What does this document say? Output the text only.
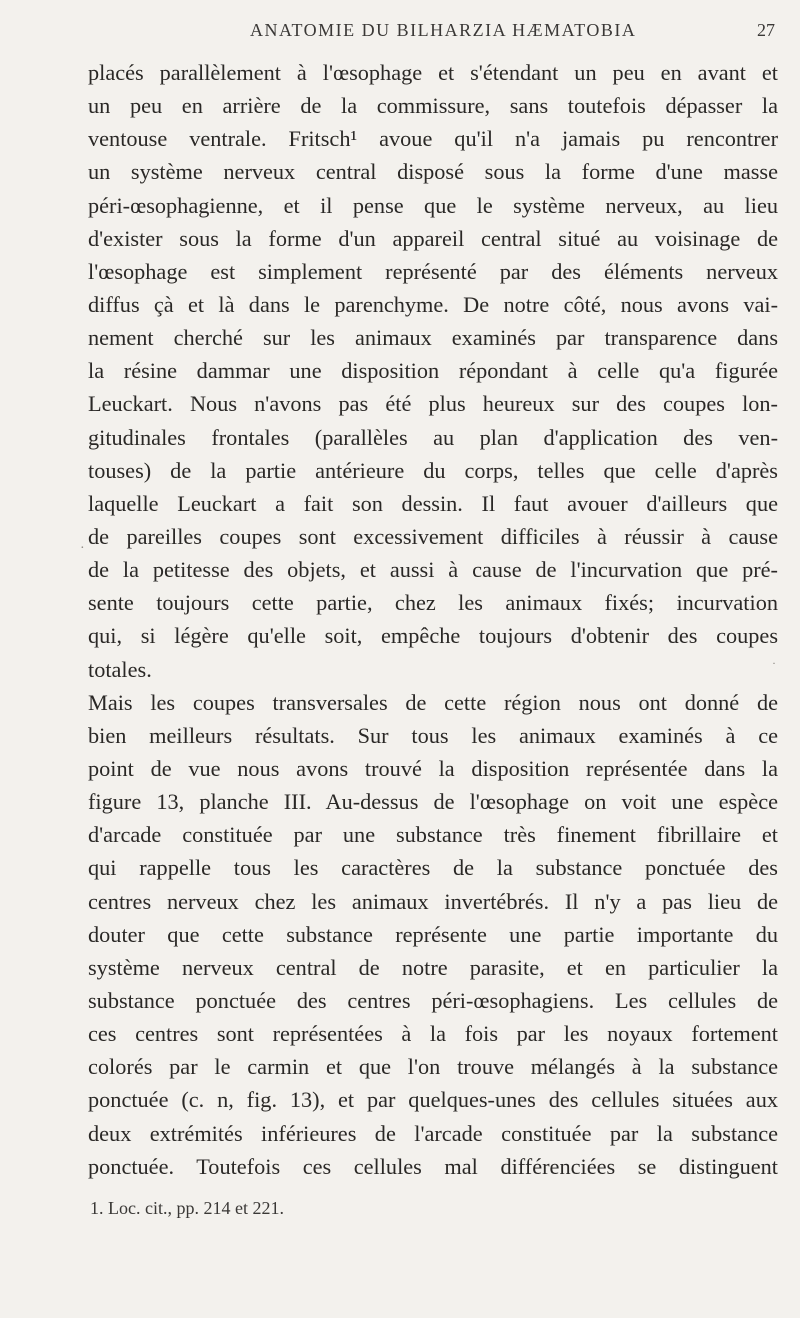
ANATOMIE DU BILHARZIA HÆMATOBIA	27
·
·
placés parallèlement à l'œsophage et s'étendant un peu en avant et
un peu en arrière de la commissure, sans toutefois dépasser la
ventouse ventrale. Fritsch¹ avoue qu'il n'a jamais pu rencontrer
un système nerveux central disposé sous la forme d'une masse
péri-œsophagienne, et il pense que le système nerveux, au lieu
d'exister sous la forme d'un appareil central situé au voisinage de
l'œsophage est simplement représenté par des éléments nerveux
diffus çà et là dans le parenchyme. De notre côté, nous avons vai-
nement cherché sur les animaux examinés par transparence dans
la résine dammar une disposition répondant à celle qu'a figurée
Leuckart. Nous n'avons pas été plus heureux sur des coupes lon-
gitudinales frontales (parallèles au plan d'application des ven-
touses) de la partie antérieure du corps, telles que celle d'après
laquelle Leuckart a fait son dessin. Il faut avouer d'ailleurs que
de pareilles coupes sont excessivement difficiles à réussir à cause
de la petitesse des objets, et aussi à cause de l'incurvation que pré-
sente toujours cette partie, chez les animaux fixés; incurvation
qui, si légère qu'elle soit, empêche toujours d'obtenir des coupes
totales.
Mais les coupes transversales de cette région nous ont donné de
bien meilleurs résultats. Sur tous les animaux examinés à ce
point de vue nous avons trouvé la disposition représentée dans la
figure 13, planche III. Au-dessus de l'œsophage on voit une espèce
d'arcade constituée par une substance très finement fibrillaire et
qui rappelle tous les caractères de la substance ponctuée des
centres nerveux chez les animaux invertébrés. Il n'y a pas lieu de
douter que cette substance représente une partie importante du
système nerveux central de notre parasite, et en particulier la
substance ponctuée des centres péri-œsophagiens. Les cellules de
ces centres sont représentées à la fois par les noyaux fortement
colorés par le carmin et que l'on trouve mélangés à la substance
ponctuée (c. n, fig. 13), et par quelques-unes des cellules situées aux
deux extrémités inférieures de l'arcade constituée par la substance
ponctuée. Toutefois ces cellules mal différenciées se distinguent
1. Loc. cit., pp. 214 et 221.
